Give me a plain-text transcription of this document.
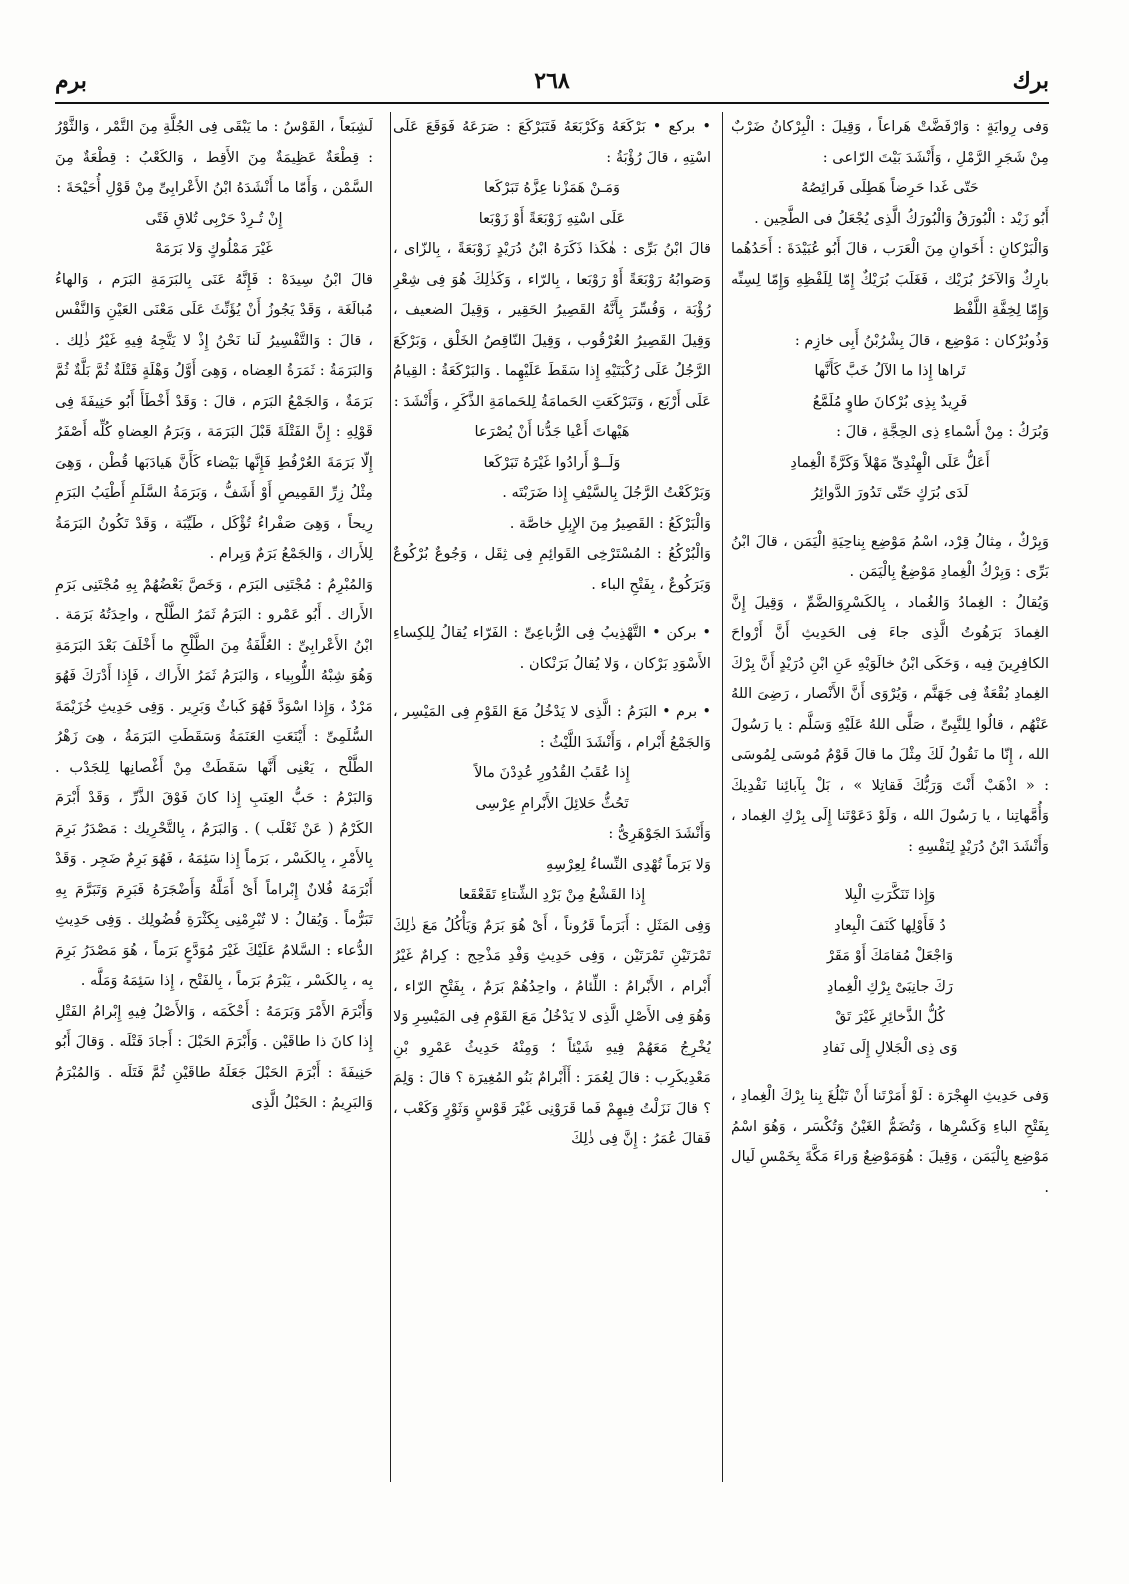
برك
٢٦٨
برم

وَفى رِوايَةٍ : وَارْفَضَّتْ هَراعاً ، وَقِيلَ : الْبِرْكانُ ضَرْبٌ مِنْ شَجَرِ الرَّمْلِ ، وَأَنْشَدَ بَيْتَ الرّاعى :

حَتّى غَدا حَرِضاً هَطِلَى فَرائِصُهُ

أَبُو زَيْد : الْبُورَقُ وَالْبُورَكُ الَّذِى يُجْعَلُ فى الطَّحِين .

وَالْبَرْكانِ : أَخَوانِ مِنَ الْعَرَب ، قالَ أَبُو عُبَيْدَةَ : أَحَدُهُما بارِكٌ وَالآخَرُ بُرَيْك ، فَغَلَبَ بُرَيْكٌ إِمّا لِلَفْظِهِ وَإِمّا لِسِنِّه وَإِمّا لِخِفَّةِ اللَّفْظ

وَذُوبُرْكان : مَوْضِع ، قالَ بِشْرُبْنُ أَبِى خازِم :

تَراها إِذا ما الآلُ خَبَّ كَأَنَّها

فَرِيدٌ بِذِى بُرْكانَ طاوٍ مُلَمَّعُ

وَبُرَكُ : مِنْ أَسْماءِ ذِى الحِجَّةِ ، قالَ :

أَعَلُّ عَلَى الْهِنْدِىِّ مَهْلاً وَكَرَّةً الْغِمادِ

لَدَى بُرَكٍ حَتّى تَدُورَ الدَّوائِرُ

وَبِرْكٌ ، مِثالُ قِرْد، اسْمُ مَوْضِع بِناحِيَةِ الْيَمَن ، قالَ ابْنُ بَرِّى : وَبِرْكُ الْغِمادِ مَوْضِعٌ بِالْيَمَن .

وَيُقالُ : الغِمادُ وَالغُماد ، بِالكَسْرِوَالضَّمِّ ، وَقِيلَ إِنَّ الغِمادَ بَرَهُوتُ الَّذِى جاءَ فِى الحَدِيثِ أَنَّ أَرْواحَ الكافِرِينَ فِيه ، وَحَكَى ابْنُ خالَوَيْهِ عَنِ ابْنِ دُرَيْدٍ أَنَّ بِرْكَ الغِمادِ بُقْعَةٌ فِى جَهَنَّم ، وَيُرْوَى أَنَّ الأَنْصار ، رَضِىَ اللهُ عَنْهُم ، قالُوا لِلنَّبِىِّ ، صَلَّى اللهُ عَلَيْهِ وَسَلَّم : يا رَسُولَ الله ، إِنّا ما نَقُولُ لَكَ مِثْلَ ما قالَ قَوْمُ مُوسَى لِمُوسَى : « اذْهَبْ أَنْتَ وَرَبُّكَ فَقاتِلا » ، بَلْ بِآبائِنا نَفْدِيكَ وَأُمَّهاتِنا ، يا رَسُولَ الله ، وَلَوْ دَعَوْتَنا إِلَى بِرْكِ الغِماد ، وَأَنْشَدَ ابْنُ دُرَيْدٍ لِنَفْسِهِ :

وَإِذا تَنَكَّرَتِ الْبِلا

دُ فَأَوْلِها كَنَفَ الْبِعادِ

وَاجْعَلْ مُقامَكَ أَوْ مَقَرْ

رَكَ جانِبَىْ بِرْكِ الْغِمادِ

كُلُّ الذَّخائِرِ غَيْرَ تَقْ

وَى ذِى الْجَلالِ إِلَى نَفادِ

وَفى حَدِيثِ الهِجْرَة : لَوْ أَمَرْتَنا أَنْ تَبْلُغَ بِنا بِرْكَ الْغِمادِ ، بِفَتْحِ الباءِ وَكَسْرِها ، وَتُضَمُّ الغَيْنُ وَتُكْسَر ، وَهُوَ اسْمُ مَوْضِع بِالْيَمَن ، وَقِيلَ : هُوَمَوْضِعٌ وَراءَ مَكَّةَ بِخَمْسِ لَيال .

• بركع • بَرْكَعَهُ وَكَرْبَعَهُ فَتَبَرْكَعَ : صَرَعَهُ فَوَقَعَ عَلَى اسْتِهِ ، قالَ رُؤْبَةُ :

وَمَـنْ هَمَزْنا عِزَّهُ تَبَرْكَعا

عَلَى اسْتِهِ زَوْبَعَةً أَوْ زَوْبَعا

قالَ ابْنُ بَرِّى : هٰكَذا ذَكَرَهُ ابْنُ دُرَيْدٍ زَوْبَعَةً ، بِالزّاى ، وَصَوابُهُ رَوْبَعَةً أَوْ رَوْبَعا ، بِالرّاء ، وَكَذٰلِكَ هُوَ فِى شِعْرِ رُؤْبَة ، وَفُسِّرَ بِأَنَّهُ القَصِيرُ الحَقِير ، وَقِيلَ الضعيف ، وَقِيلَ القَصِيرُ العُرْقُوب ، وَقِيلَ النّاقِصُ الخَلْق ، وَبَرْكَعَ الرَّجُلُ عَلَى رُكْبَتَيْهِ إِذا سَقَطَ عَلَيْهِما . وَالبَرْكَعَةُ : القِيامُ عَلَى أَرْبَع ، وَتَبَرْكَعَتِ الحَمامَةُ لِلحَمامَةِ الذَّكَرِ ، وَأَنْشَدَ :

هَيْهاتَ أَعْيا جَدُّنا أَنْ يُصْرَعا

وَلَــوْ أَرادُوا غَيْرَهُ تَبَرْكَعا

وَبَرْكَعْتُ الرَّجُلَ بِالسَّيْفِ إِذا ضَرَبْتَه .

وَالْبَرْكَعُ : القَصِيرُ مِنَ الإِبِلِ خاصَّة .

وَالْبُرْكُعُ : المُسْتَرْخِى القَوائِمِ فِى ثِقَل ، وَجُوعٌ بُرْكُوعٌ وَبَرَكُوعٌ ، بِفَتْحِ الباء .

• بركن • التَّهْذِيبُ فِى الرُّباعِىِّ : الفَرّاء يُقالُ لِلكِساءِ الأَسْوَدِ بَرْكان ، وَلا يُقالُ بَرَنْكان .

• برم • البَرَمُ : الَّذِى لا يَدْخُلُ مَعَ القَوْمِ فِى المَيْسِر ، وَالجَمْعُ أَبْرام ، وَأَنْشَدَ اللَّيْثُ :

إِذا عُقَبُ القُدُورِ عُدِدْنَ مالاً

تَحُثُّ حَلائِلَ الأَبْرامِ عِرْسِى

وَأَنْشَدَ الجَوْهَرِىُّ :

وَلا بَرَماً تُهْدِى النِّساءُ لِعِرْسِهِ

إِذا القَشْعُ مِنْ بَرْدِ الشِّتاءِ تَقَعْقَعا

وَفِى المَثَلِ : أَبَرَماً قَرُوناً ، أَىْ هُوَ بَرَمٌ وَيَأْكُلُ مَعَ ذٰلِكَ تَمْرَتَيْنِ تَمْرَتَيْن ، وَفِى حَدِيثِ وَفْدِ مَذْحِج : كِرامٌ غَيْرُ أَبْرام ، الأَبْرامُ : اللِّئامُ ، واحِدُهُمْ بَرَمٌ ، بِفَتْحِ الرّاء ، وَهُوَ فِى الأَصْلِ الَّذِى لا يَدْخُلُ مَعَ القَوْمِ فِى المَيْسِرِ وَلا يُخْرِجُ مَعَهُمْ فِيهِ شَيْئاً ؛ وَمِنْهُ حَدِيثُ عَمْرِو بْنِ مَعْدِيكَرِب : قالَ لِعُمَرَ : أَأَبْرامٌ بَنُو المُغِيرَة ؟ قالَ : وَلِمَ ؟ قالَ نَزَلْتُ فِيهِمْ فَما قَرَوْنِى غَيْرَ قَوْسٍ وَثَوْرٍ وَكَعْب ، فَقالَ عُمَرُ : إِنَّ فِى ذٰلِكَ

لَشِبَعاً ، القَوْسُ : ما يَبْقَى فِى الجُلَّةِ مِنَ التَّمْر ، وَالثَّوْرُ : قِطْعَةٌ عَظِيمَةٌ مِنَ الأَقِط ، وَالكَعْبُ : قِطْعَةٌ مِنَ السَّمْن ، وَأَمّا ما أَنْشَدَهُ ابْنُ الأَعْرابِىِّ مِنْ قَوْلِ أُحَيْحَةَ :

إِنْ تُـرِدْ حَرْبِى تُلاقِ فَتًى

غَيْرَ مَمْلُوكٍ وَلا بَرَمَهْ

قالَ ابْنُ سِيدَهْ : فَإِنَّهُ عَنَى بِالبَرَمَةِ البَرَم ، وَالهاءُ مُبالَغَة ، وَقَدْ يَجُوزُ أَنْ يُؤَنِّثَ عَلَى مَعْنَى العَيْنِ وَالنَّفْس ، قالَ : وَالتَّفْسِيرُ لَنا نَحْنُ إِذْ لا يَتَّجِهُ فِيهِ غَيْرُ ذٰلِك . وَالبَرَمَةُ : ثَمَرَةُ العِضاه ، وَهِىَ أَوَّلُ وَهْلَةٍ فَتْلَةٌ ثُمَّ بَلَّةٌ ثُمَّ بَرَمَةٌ ، وَالجَمْعُ البَرَم ، قالَ : وَقَدْ أَخْطَأَ أَبُو حَنِيفَةَ فِى قَوْلِهِ : إِنَّ الفَتْلَةَ قَبْلَ البَرَمَة ، وَبَرَمُ العِضاهِ كُلِّه أَصْفَرُ إِلّا بَرَمَةَ العُرْفُطِ فَإِنَّها بَيْضاء كَأَنَّ هَيادَبَها قُطْن ، وَهِىَ مِثْلُ زِرِّ القَمِيصِ أَوْ أَشَفُّ ، وَبَرَمَةُ السَّلَمِ أَطْيَبُ البَرَمِ رِيحاً ، وَهِىَ صَفْراءُ تُؤْكَل ، طَيِّبَة ، وَقَدْ تَكُونُ البَرَمَةُ لِلأَراك ، وَالجَمْعُ بَرَمٌ وَبِرام .

وَالمُبْرِمُ : مُجْتَنِى البَرَم ، وَخَصَّ بَعْضُهُمْ بِهِ مُجْتَنِى بَرَمِ الأَراك . أَبُو عَمْرو : البَرَمُ ثَمَرُ الطَّلْح ، واحِدَتُهُ بَرَمَة . ابْنُ الأَعْرابِىِّ : العُلَّفَةُ مِنَ الطَّلْحِ ما أَخْلَفَ بَعْدَ البَرَمَةِ وَهُوَ شِبْهُ اللُّوبِياء ، وَالبَرَمُ ثَمَرُ الأَراك ، فَإِذا أَدْرَكَ فَهُوَ مَرْدٌ ، وَإِذا اسْوَدَّ فَهُوَ كَباثٌ وَبَرِير . وَفِى حَدِيثِ خُزَيْمَةَ السُّلَمِىِّ : أَيْنَعَتِ العَنَمَةُ وَسَقَطَتِ البَرَمَةُ ، هِىَ زَهْرُ الطَّلْح ، يَعْنِى أَنَّها سَقَطَتْ مِنْ أَغْصانِها لِلجَدْب . وَالبَرْمُ : حَبُّ العِنَبِ إِذا كانَ فَوْقَ الذَّرِّ ، وَقَدْ أَبْرَمَ الكَرْمُ ( عَنْ ثَعْلَب ) . وَالبَرَمُ ، بِالتَّحْرِيك : مَصْدَرُ بَرِمَ بِالأَمْرِ ، بِالكَسْر ، بَرَماً إِذا سَئِمَهُ ، فَهُوَ بَرِمٌ ضَجِر . وَقَدْ أَبْرَمَهُ فُلانٌ إِبْراماً أَىْ أَمَلَّهُ وَأَضْجَرَهُ فَبَرِمَ وَتَبَرَّمَ بِهِ تَبَرُّماً . وَيُقالُ : لا تُبْرِمْنِى بِكَثْرَةِ فُضُولِك . وَفِى حَدِيثِ الدُّعاء : السَّلامُ عَلَيْكَ غَيْرَ مُوَدَّعٍ بَرَماً ، هُوَ مَصْدَرُ بَرِمَ بِه ، بِالكَسْر ، يَبْرَمُ بَرَماً ، بِالفَتْح ، إِذا سَئِمَهُ وَمَلَّه .

وَأَبْرَمَ الأَمْرَ وَبَرَمَهُ : أَحْكَمَه ، وَالأَصْلُ فِيهِ إِبْرامُ الفَتْلِ إِذا كانَ ذا طاقَيْن . وَأَبْرَمَ الحَبْلَ : أَجادَ فَتْلَه . وَقالَ أَبُو حَنِيفَةَ : أَبْرَمَ الحَبْلَ جَعَلَهُ طاقَيْنِ ثُمَّ فَتَلَه . وَالمُبْرَمُ وَالبَرِيمُ : الحَبْلُ الَّذِى
